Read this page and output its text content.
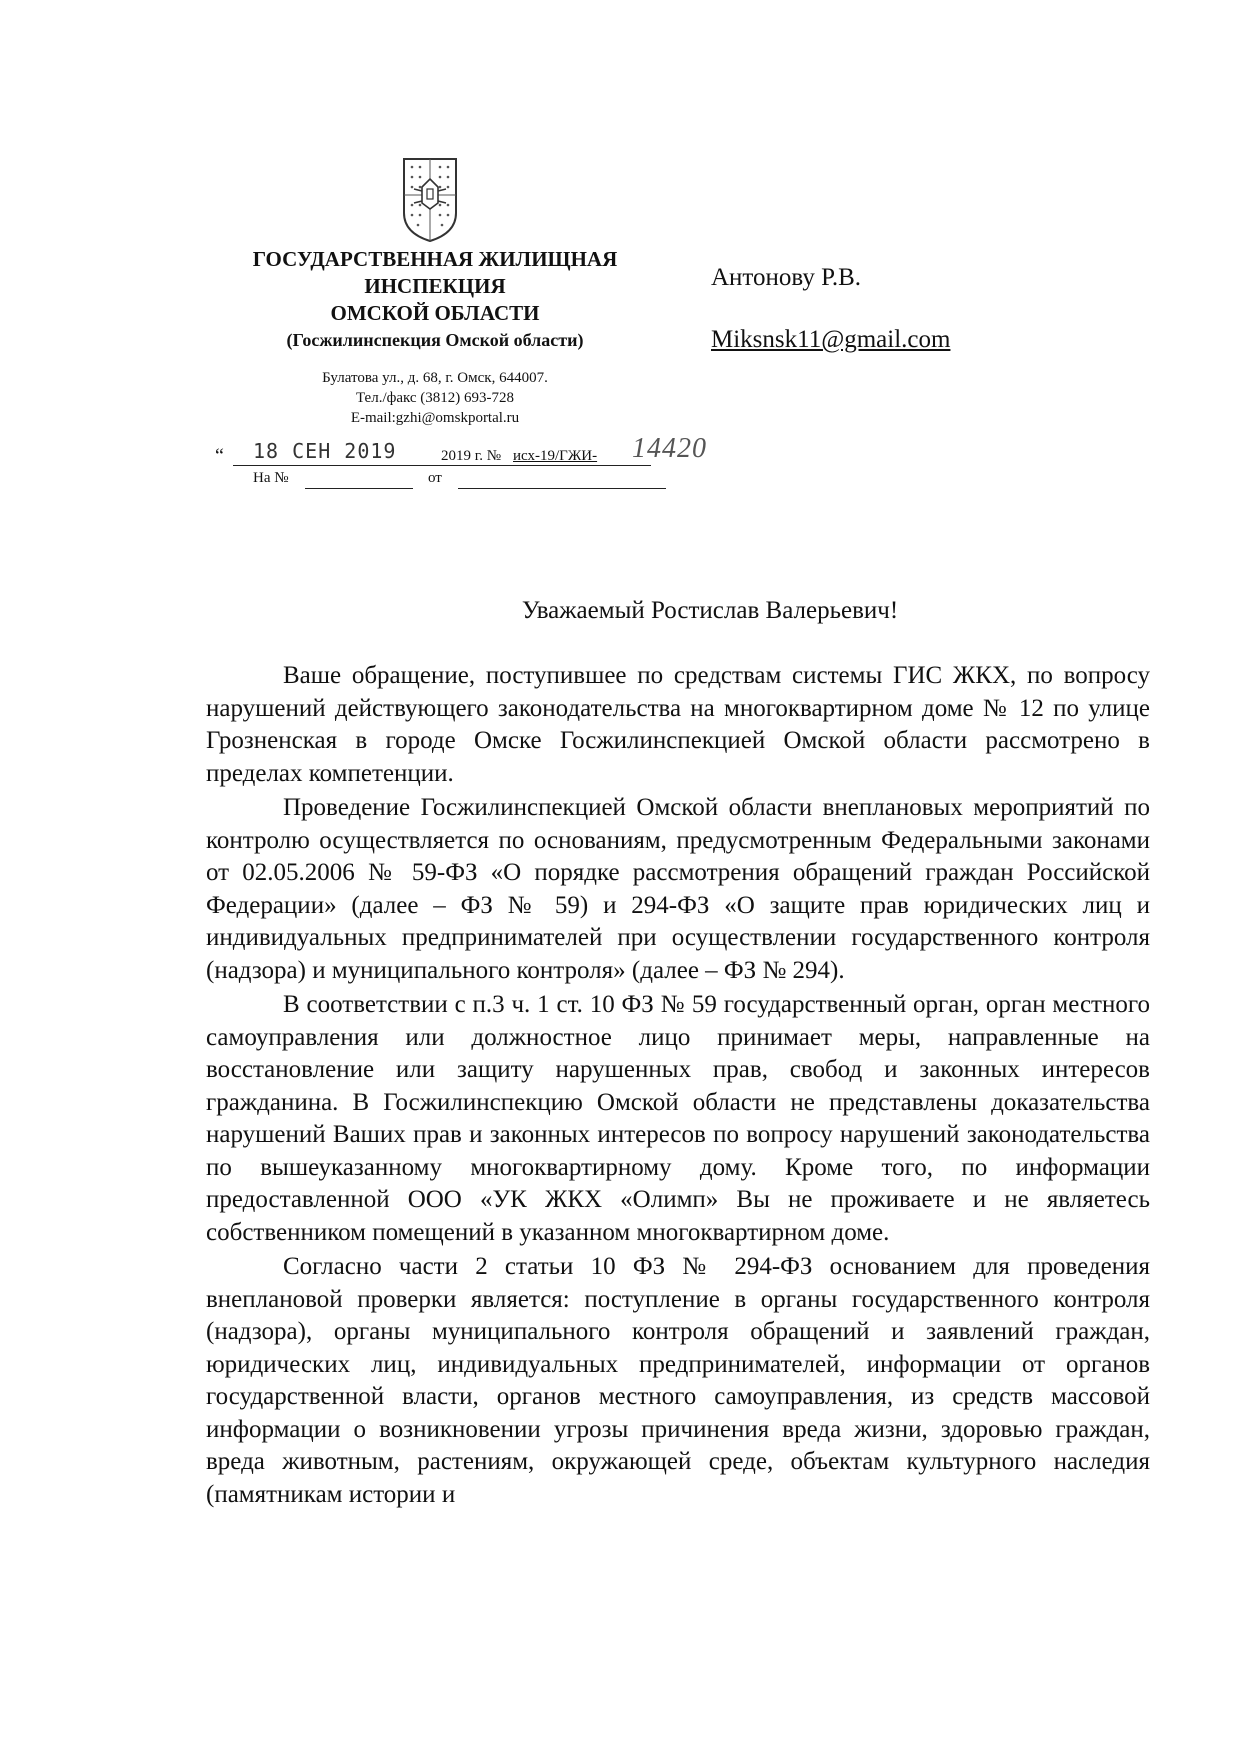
ГОСУДАРСТВЕННАЯ ЖИЛИЩНАЯ
ИНСПЕКЦИЯ
ОМСКОЙ ОБЛАСТИ
(Госжилинспекция Омской области)
Булатова ул., д. 68, г. Омск, 644007.
Тел./факс (3812) 693-728
E-mail:gzhi@omskportal.ru
“ 18 СЕН 2019	2019 г. № исх-19/ГЖИ- 14420
На №	от
Антонову Р.В.
Miksnsk11@gmail.com
Уважаемый Ростислав Валерьевич!

Ваше обращение, поступившее по средствам системы ГИС ЖКХ, по вопросу нарушений действующего законодательства на многоквартирном доме № 12 по улице Грозненская в городе Омске Госжилинспекцией Омской области рассмотрено в пределах компетенции.

Проведение Госжилинспекцией Омской области внеплановых мероприятий по контролю осуществляется по основаниям, предусмотренным Федеральными законами от 02.05.2006 № 59-ФЗ «О порядке рассмотрения обращений граждан Российской Федерации» (далее – ФЗ № 59) и 294-ФЗ «О защите прав юридических лиц и индивидуальных предпринимателей при осуществлении государственного контроля (надзора) и муниципального контроля» (далее – ФЗ № 294).

В соответствии с п.3 ч. 1 ст. 10 ФЗ № 59 государственный орган, орган местного самоуправления или должностное лицо принимает меры, направленные на восстановление или защиту нарушенных прав, свобод и законных интересов гражданина. В Госжилинспекцию Омской области не представлены доказательства нарушений Ваших прав и законных интересов по вопросу нарушений законодательства по вышеуказанному многоквартирному дому. Кроме того, по информации предоставленной ООО «УК ЖКХ «Олимп» Вы не проживаете и не являетесь собственником помещений в указанном многоквартирном доме.

Согласно части 2 статьи 10 ФЗ № 294-ФЗ основанием для проведения внеплановой проверки является: поступление в органы государственного контроля (надзора), органы муниципального контроля обращений и заявлений граждан, юридических лиц, индивидуальных предпринимателей, информации от органов государственной власти, органов местного самоуправления, из средств массовой информации о возникновении угрозы причинения вреда жизни, здоровью граждан, вреда животным, растениям, окружающей среде, объектам культурного наследия (памятникам истории и
